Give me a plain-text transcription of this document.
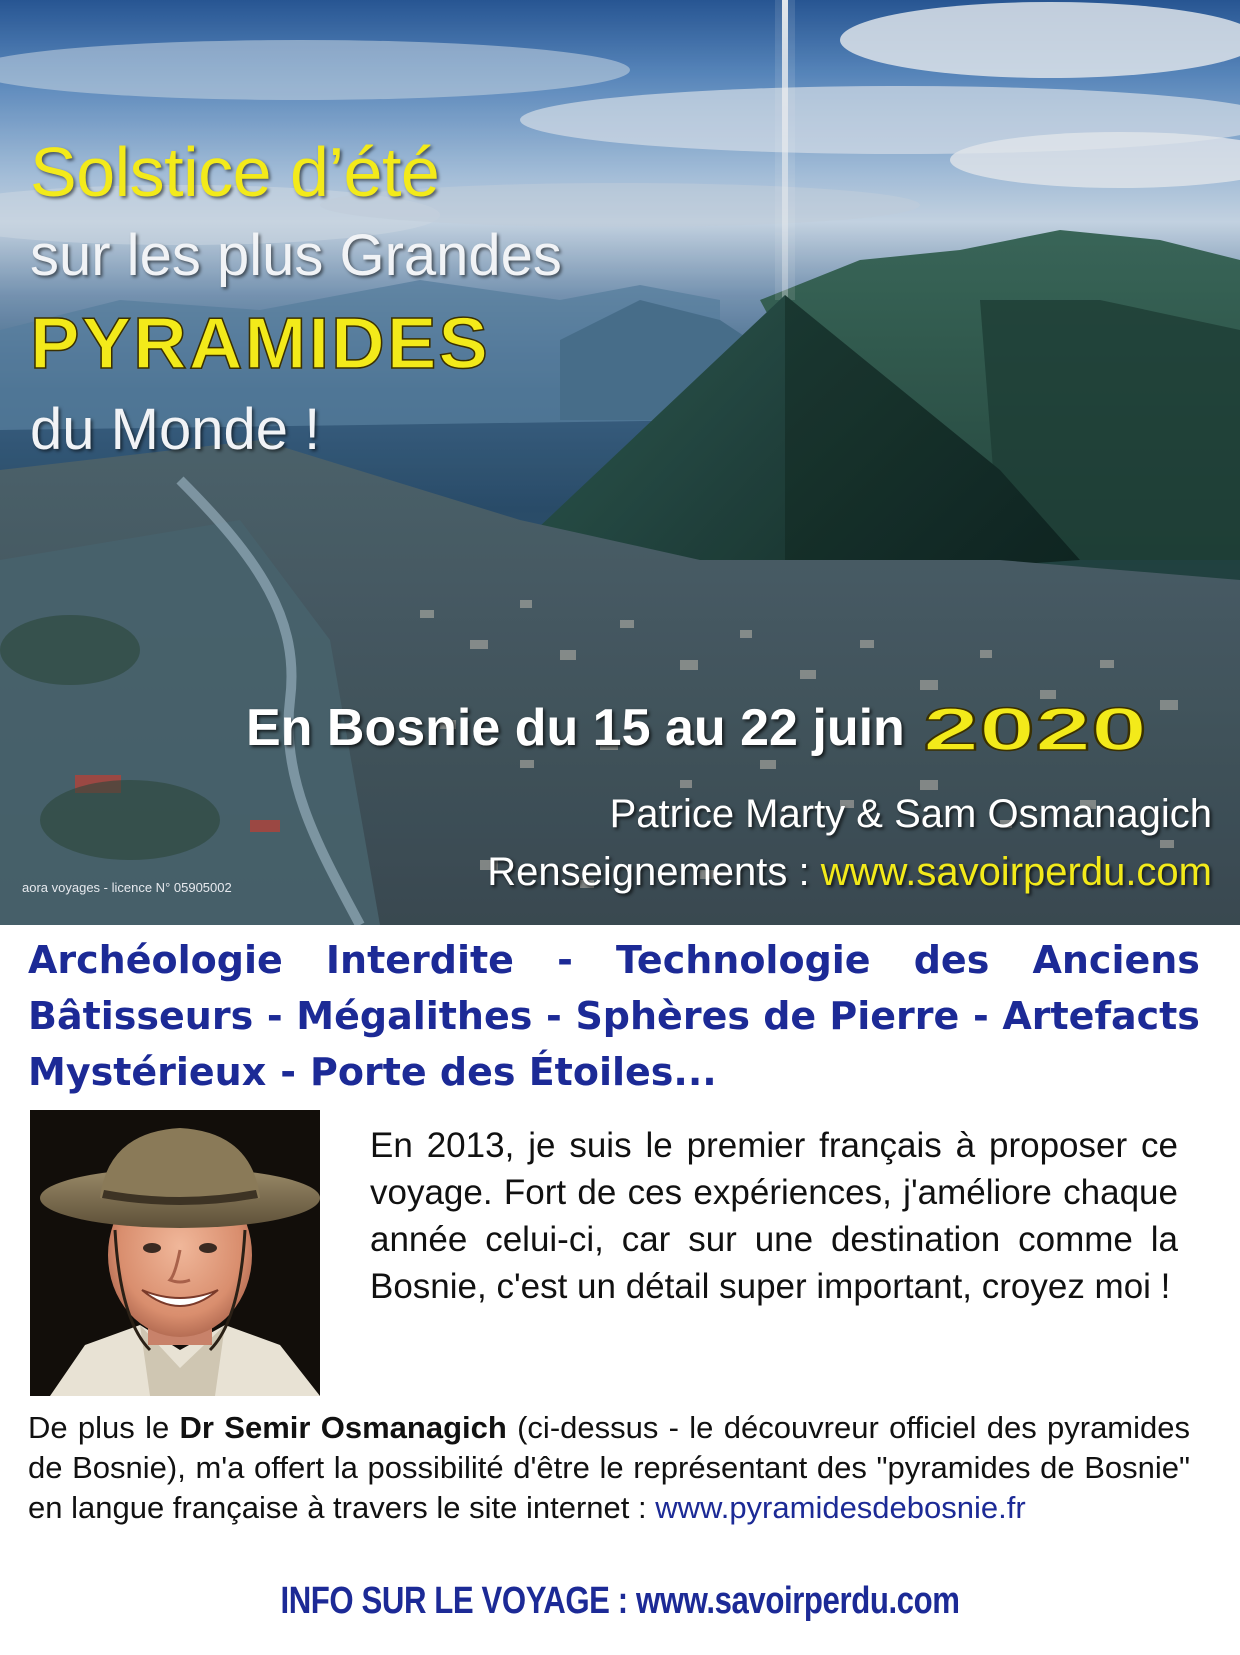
Solstice d’été
sur les plus Grandes
PYRAMIDES
du Monde !
En Bosnie du 15 au 22 juin 2020
Patrice Marty & Sam Osmanagich
Renseignements : www.savoirperdu.com
aora voyages - licence N° 05905002
Archéologie Interdite - Technologie des Anciens
Bâtisseurs - Mégalithes - Sphères de Pierre - Artefacts
Mystérieux - Porte des Étoiles...
En 2013, je suis le premier français à proposer ce voyage. Fort de ces expériences, j'améliore chaque année celui-ci, car sur une destination comme la Bosnie, c'est un détail super important, croyez moi !
De plus le Dr Semir Osmanagich (ci-dessus - le découvreur officiel des pyramides de Bosnie), m'a offert la possibilité d'être le représentant des "pyramides de Bosnie" en langue française à travers le site internet : www.pyramidesdebosnie.fr
INFO SUR LE VOYAGE : www.savoirperdu.com
